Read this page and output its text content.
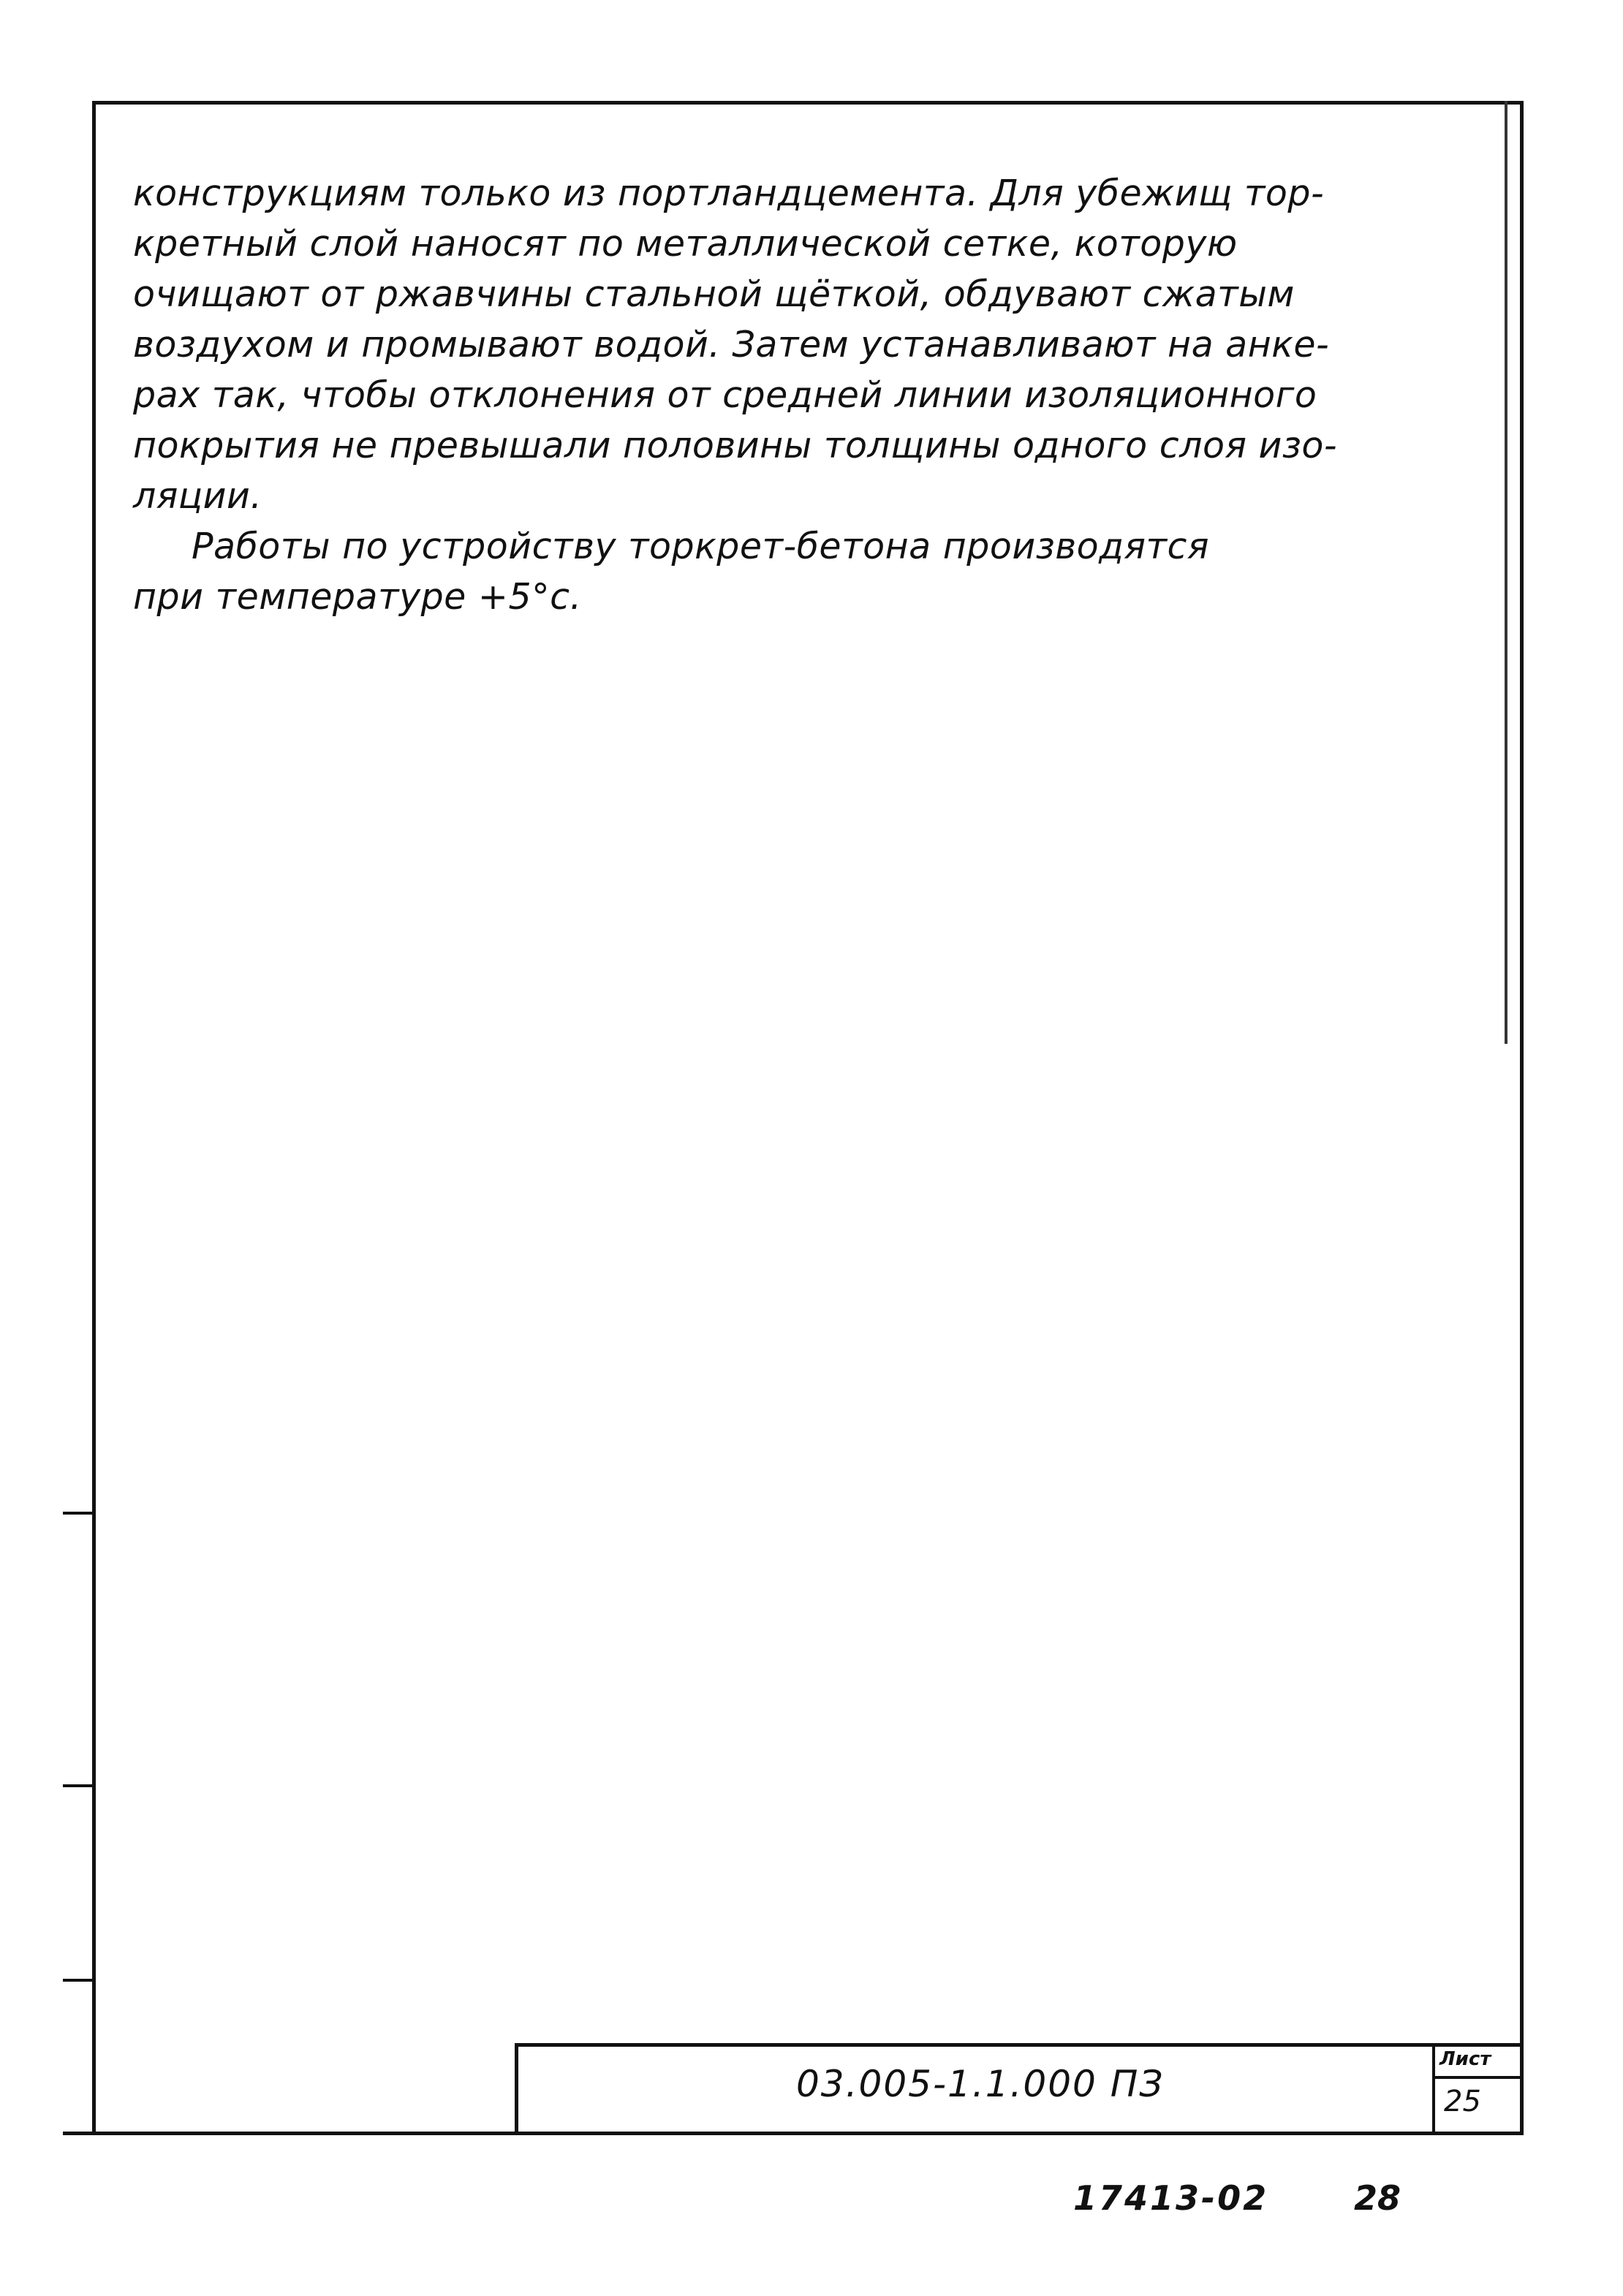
конструкциям только из портландцемента. Для убежищ тор-
кретный слой наносят по металлической сетке, которую
очищают от ржавчины стальной щёткой, обдувают сжатым
воздухом и промывают водой. Затем устанавливают на анке-
рах так, чтобы отклонения от средней линии изоляционного
покрытия не превышали половины толщины одного слоя изо-
ляции.
Работы по устройству торкрет-бетона производятся
при температуре +5°с.
03.005-1.1.000 ПЗ
Лист
25
17413-02	28
